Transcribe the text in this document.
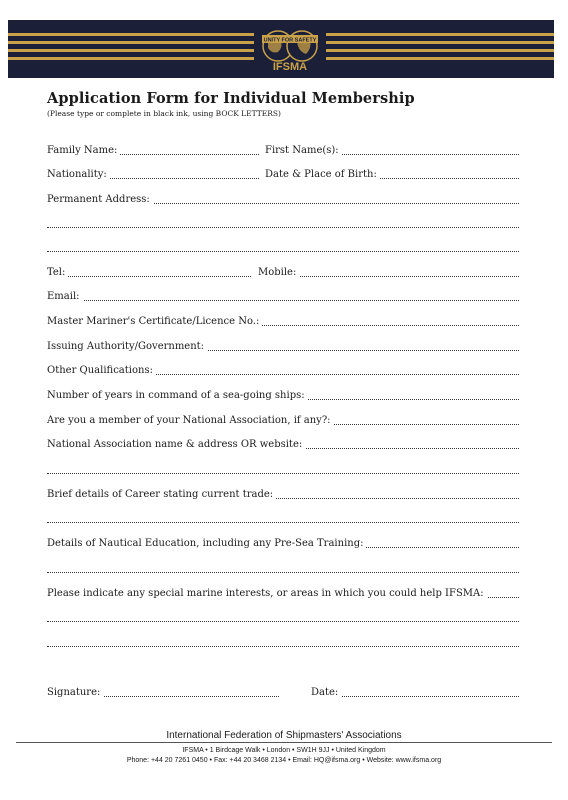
UNITY FOR SAFETY
IFSMA
Application Form for Individual Membership
(Please type or complete in black ink, using BOCK LETTERS)
Family Name:	First Name(s):
Nationality:	Date & Place of Birth:
Permanent Address:
Tel:	Mobile:
Email:
Master Mariner's Certificate/Licence No.:
Issuing Authority/Government:
Other Qualifications:
Number of years in command of a sea-going ships:
Are you a member of your National Association, if any?:
National Association name & address OR website:
Brief details of Career stating current trade:
Details of Nautical Education, including any Pre-Sea Training:
Please indicate any special marine interests, or areas in which you could help IFSMA:
Signature:	Date:
International Federation of Shipmasters' Associations
IFSMA • 1 Birdcage Walk • London • SW1H 9JJ • United Kingdom
Phone: +44 20 7261 0450 • Fax: +44 20 3468 2134 • Email: HQ@ifsma.org • Website: www.ifsma.org
